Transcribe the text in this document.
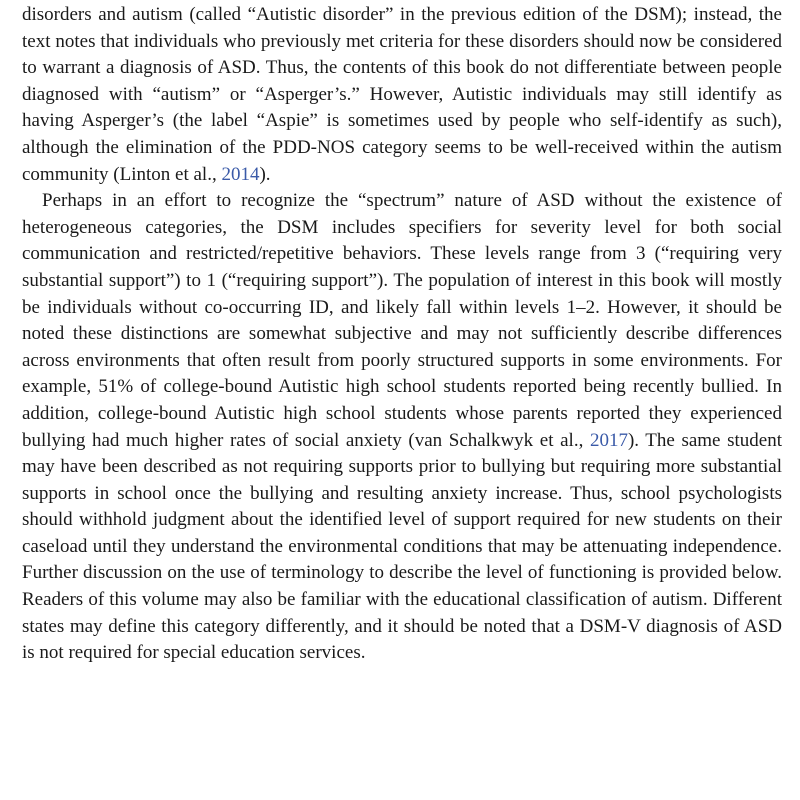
disorders and autism (called “Autistic disorder” in the previous edition of the DSM); instead, the text notes that individuals who previously met criteria for these disorders should now be considered to warrant a diagnosis of ASD. Thus, the contents of this book do not differentiate between people diagnosed with “autism” or “Asperger’s.” However, Autistic individuals may still identify as having Asperger’s (the label “Aspie” is sometimes used by people who self-identify as such), although the elimination of the PDD-NOS category seems to be well-received within the autism community (Linton et al., 2014).

Perhaps in an effort to recognize the “spectrum” nature of ASD without the existence of heterogeneous categories, the DSM includes specifiers for severity level for both social communication and restricted/repetitive behaviors. These levels range from 3 (“requiring very substantial support”) to 1 (“requiring support”). The population of interest in this book will mostly be individuals without co-occurring ID, and likely fall within levels 1–2. However, it should be noted these distinctions are somewhat subjective and may not sufficiently describe differences across environments that often result from poorly structured supports in some environments. For example, 51% of college-bound Autistic high school students reported being recently bullied. In addition, college-bound Autistic high school students whose parents reported they experienced bullying had much higher rates of social anxiety (van Schalkwyk et al., 2017). The same student may have been described as not requiring supports prior to bullying but requiring more substantial supports in school once the bullying and resulting anxiety increase. Thus, school psychologists should withhold judgment about the identified level of support required for new students on their caseload until they understand the environmental conditions that may be attenuating independence. Further discussion on the use of terminology to describe the level of functioning is provided below. Readers of this volume may also be familiar with the educational classification of autism. Different states may define this category differently, and it should be noted that a DSM-V diagnosis of ASD is not required for special education services.
